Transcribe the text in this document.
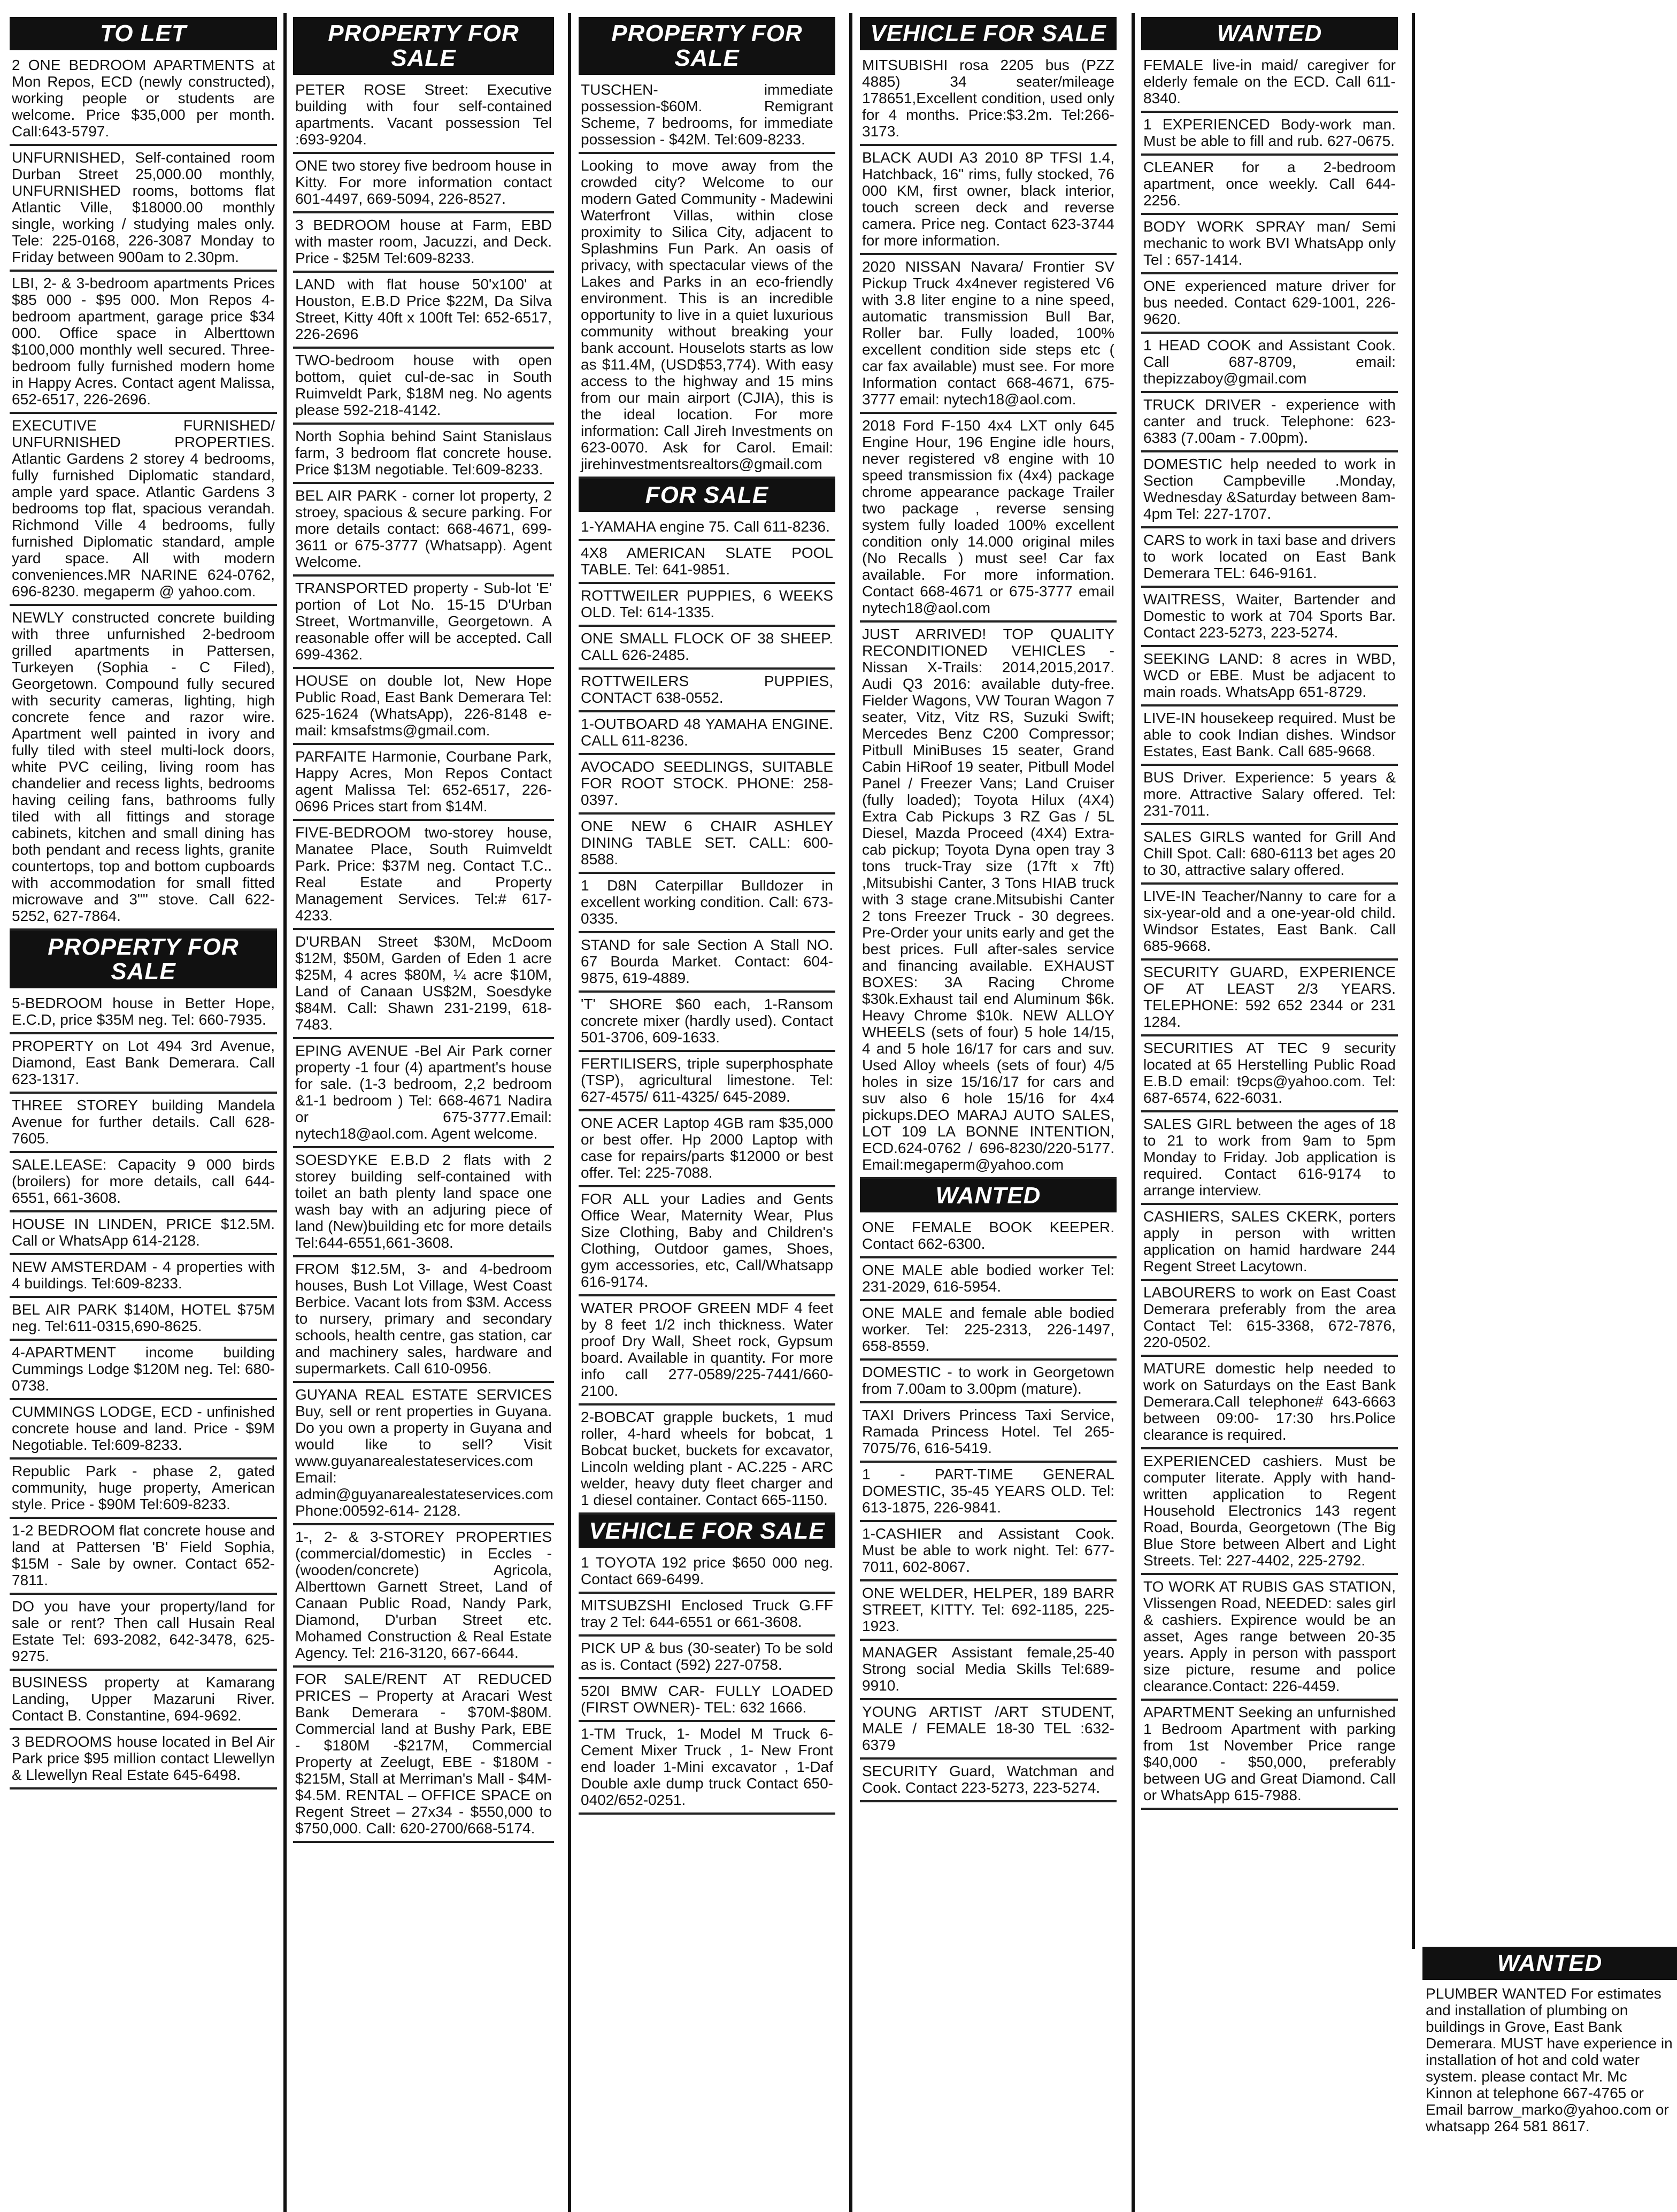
TO LET
2 ONE BEDROOM APARTMENTS at Mon Repos, ECD (newly constructed), working people or students are welcome. Price $35,000 per month. Call:643-5797.
UNFURNISHED, Self-contained room Durban Street 25,000.00 monthly, UNFURNISHED rooms, bottoms flat Atlantic Ville, $18000.00 monthly single, working / studying males only. Tele: 225-0168, 226-3087 Monday to Friday between 900am to 2.30pm.
LBI, 2- & 3-bedroom apartments Prices $85 000 - $95 000. Mon Repos 4-bedroom apartment, garage price $34 000. Office space in Alberttown $100,000 monthly well secured. Three-bedroom fully furnished modern home in Happy Acres. Contact agent Malissa, 652-6517, 226-2696.
EXECUTIVE FURNISHED/ UNFURNISHED PROPERTIES. Atlantic Gardens 2 storey 4 bedrooms, fully furnished Diplomatic standard, ample yard space. Atlantic Gardens 3 bedrooms top flat, spacious verandah. Richmond Ville 4 bedrooms, fully furnished Diplomatic standard, ample yard space. All with modern conveniences.MR NARINE 624-0762, 696-8230. megaperm @ yahoo.com.
NEWLY constructed concrete building with three unfurnished 2-bedroom grilled apartments in Pattersen, Turkeyen (Sophia - C Filed), Georgetown. Compound fully secured with security cameras, lighting, high concrete fence and razor wire. Apartment well painted in ivory and fully tiled with steel multi-lock doors, white PVC ceiling, living room has chandelier and recess lights, bedrooms having ceiling fans, bathrooms fully tiled with all fittings and storage cabinets, kitchen and small dining has both pendant and recess lights, granite countertops, top and bottom cupboards with accommodation for small fitted microwave and 3"" stove. Call 622-5252, 627-7864.
PROPERTY FOR SALE
5-BEDROOM house in Better Hope, E.C.D, price $35M neg. Tel: 660-7935.
PROPERTY on Lot 494 3rd Avenue, Diamond, East Bank Demerara. Call 623-1317.
THREE STOREY building Mandela Avenue for further details. Call 628-7605.
SALE.LEASE: Capacity 9 000 birds (broilers) for more details, call 644-6551, 661-3608.
HOUSE IN LINDEN, PRICE $12.5M. Call or WhatsApp 614-2128.
NEW AMSTERDAM - 4 properties with 4 buildings. Tel:609-8233.
BEL AIR PARK $140M, HOTEL $75M neg. Tel:611-0315,690-8625.
4-APARTMENT income building Cummings Lodge $120M neg. Tel: 680-0738.
CUMMINGS LODGE, ECD - unfinished concrete house and land. Price - $9M Negotiable. Tel:609-8233.
Republic Park - phase 2, gated community, huge property, American style. Price - $90M Tel:609-8233.
1-2 BEDROOM flat concrete house and land at Pattersen 'B' Field Sophia, $15M - Sale by owner. Contact 652-7811.
DO you have your property/land for sale or rent? Then call Husain Real Estate Tel: 693-2082, 642-3478, 625-9275.
BUSINESS property at Kamarang Landing, Upper Mazaruni River. Contact B. Constantine, 694-9692.
3 BEDROOMS house located in Bel Air Park price $95 million contact Llewellyn & Llewellyn Real Estate 645-6498.
PROPERTY FOR SALE
PETER ROSE Street: Executive building with four self-contained apartments. Vacant possession Tel :693-9204.
ONE two storey five bedroom house in Kitty. For more information contact 601-4497, 669-5094, 226-8527.
3 BEDROOM house at Farm, EBD with master room, Jacuzzi, and Deck. Price - $25M Tel:609-8233.
LAND with flat house 50'x100' at Houston, E.B.D Price $22M, Da Silva Street, Kitty 40ft x 100ft Tel: 652-6517, 226-2696
TWO-bedroom house with open bottom, quiet cul-de-sac in South Ruimveldt Park, $18M neg. No agents please 592-218-4142.
North Sophia behind Saint Stanislaus farm, 3 bedroom flat concrete house. Price $13M negotiable. Tel:609-8233.
BEL AIR PARK - corner lot property, 2 stroey, spacious & secure parking. For more details contact: 668-4671, 699-3611 or 675-3777 (Whatsapp). Agent Welcome.
TRANSPORTED property - Sub-lot 'E' portion of Lot No. 15-15 D'Urban Street, Wortmanville, Georgetown. A reasonable offer will be accepted. Call 699-4362.
HOUSE on double lot, New Hope Public Road, East Bank Demerara Tel: 625-1624 (WhatsApp), 226-8148 e-mail: kmsafstms@gmail.com.
PARFAITE Harmonie, Courbane Park, Happy Acres, Mon Repos Contact agent Malissa Tel: 652-6517, 226-0696 Prices start from $14M.
FIVE-BEDROOM two-storey house, Manatee Place, South Ruimveldt Park. Price: $37M neg. Contact T.C.. Real Estate and Property Management Services. Tel:# 617-4233.
D'URBAN Street $30M, McDoom $12M, $50M, Garden of Eden 1 acre $25M, 4 acres $80M, ¼ acre $10M, Land of Canaan US$2M, Soesdyke $84M. Call: Shawn 231-2199, 618-7483.
EPING AVENUE -Bel Air Park corner property -1 four (4) apartment's house for sale. (1-3 bedroom, 2,2 bedroom &1-1 bedroom ) Tel: 668-4671 Nadira or 675-3777.Email: nytech18@aol.com. Agent welcome.
SOESDYKE E.B.D 2 flats with 2 storey building self-contained with toilet an bath plenty land space one wash bay with an adjuring piece of land (New)building etc for more details Tel:644-6551,661-3608.
FROM $12.5M, 3- and 4-bedroom houses, Bush Lot Village, West Coast Berbice. Vacant lots from $3M. Access to nursery, primary and secondary schools, health centre, gas station, car and machinery sales, hardware and supermarkets. Call 610-0956.
GUYANA REAL ESTATE SERVICES Buy, sell or rent properties in Guyana. Do you own a property in Guyana and would like to sell? Visit www.guyanarealestateservices.com Email: admin@guyanarealestateservices.com Phone:00592-614- 2128.
1-, 2- & 3-STOREY PROPERTIES (commercial/domestic) in Eccles - (wooden/concrete) Agricola, Alberttown Garnett Street, Land of Canaan Public Road, Nandy Park, Diamond, D'urban Street etc. Mohamed Construction & Real Estate Agency. Tel: 216-3120, 667-6644.
FOR SALE/RENT AT REDUCED PRICES – Property at Aracari West Bank Demerara - $70M-$80M. Commercial land at Bushy Park, EBE - $180M -$217M, Commercial Property at Zeelugt, EBE - $180M - $215M, Stall at Merriman's Mall - $4M- $4.5M. RENTAL – OFFICE SPACE on Regent Street – 27x34 - $550,000 to $750,000. Call: 620-2700/668-5174.
PROPERTY FOR SALE
TUSCHEN- immediate possession-$60M. Remigrant Scheme, 7 bedrooms, for immediate possession - $42M. Tel:609-8233.
Looking to move away from the crowded city? Welcome to our modern Gated Community - Madewini Waterfront Villas, within close proximity to Silica City, adjacent to Splashmins Fun Park. An oasis of privacy, with spectacular views of the Lakes and Parks in an eco-friendly environment. This is an incredible opportunity to live in a quiet luxurious community without breaking your bank account. Houselots starts as low as $11.4M, (USD$53,774). With easy access to the highway and 15 mins from our main airport (CJIA), this is the ideal location. For more information: Call Jireh Investments on 623-0070. Ask for Carol. Email: jirehinvestmentsrealtors@gmail.com
FOR SALE
1-YAMAHA engine 75. Call 611-8236.
4X8 AMERICAN SLATE POOL TABLE. Tel: 641-9851.
ROTTWEILER PUPPIES, 6 WEEKS OLD. Tel: 614-1335.
ONE SMALL FLOCK OF 38 SHEEP. CALL 626-2485.
ROTTWEILERS PUPPIES, CONTACT 638-0552.
1-OUTBOARD 48 YAMAHA ENGINE. CALL 611-8236.
AVOCADO SEEDLINGS, SUITABLE FOR ROOT STOCK. PHONE: 258-0397.
ONE NEW 6 CHAIR ASHLEY DINING TABLE SET. CALL: 600-8588.
1 D8N Caterpillar Bulldozer in excellent working condition. Call: 673-0335.
STAND for sale Section A Stall NO. 67 Bourda Market. Contact: 604-9875, 619-4889.
'T' SHORE $60 each, 1-Ransom concrete mixer (hardly used). Contact 501-3706, 609-1633.
FERTILISERS, triple superphosphate (TSP), agricultural limestone. Tel: 627-4575/ 611-4325/ 645-2089.
ONE ACER Laptop 4GB ram $35,000 or best offer. Hp 2000 Laptop with case for repairs/parts $12000 or best offer. Tel: 225-7088.
FOR ALL your Ladies and Gents Office Wear, Maternity Wear, Plus Size Clothing, Baby and Children's Clothing, Outdoor games, Shoes, gym accessories, etc, Call/Whatsapp 616-9174.
WATER PROOF GREEN MDF 4 feet by 8 feet 1/2 inch thickness. Water proof Dry Wall, Sheet rock, Gypsum board. Available in quantity. For more info call 277-0589/225-7441/660-2100.
2-BOBCAT grapple buckets, 1 mud roller, 4-hard wheels for bobcat, 1 Bobcat bucket, buckets for excavator, Lincoln welding plant - AC.225 - ARC welder, heavy duty fleet charger and 1 diesel container. Contact 665-1150.
VEHICLE FOR SALE
1 TOYOTA 192 price $650 000 neg. Contact 669-6499.
MITSUBZSHI Enclosed Truck G.FF tray 2 Tel: 644-6551 or 661-3608.
PICK UP & bus (30-seater) To be sold as is. Contact (592) 227-0758.
520I BMW CAR- FULLY LOADED (FIRST OWNER)- TEL: 632 1666.
1-TM Truck, 1- Model M Truck 6-Cement Mixer Truck , 1- New Front end loader 1-Mini excavator , 1-Daf Double axle dump truck Contact 650-0402/652-0251.
VEHICLE FOR SALE
MITSUBISHI rosa 2205 bus (PZZ 4885) 34 seater/mileage 178651,Excellent condition, used only for 4 months. Price:$3.2m. Tel:266-3173.
BLACK AUDI A3 2010 8P TFSI 1.4, Hatchback, 16" rims, fully stocked, 76 000 KM, first owner, black interior, touch screen deck and reverse camera. Price neg. Contact 623-3744 for more information.
2020 NISSAN Navara/ Frontier SV Pickup Truck 4x4never registered V6 with 3.8 liter engine to a nine speed, automatic transmission Bull Bar, Roller bar. Fully loaded, 100% excellent condition side steps etc ( car fax available) must see. For more Information contact 668-4671, 675-3777 email: nytech18@aol.com.
2018 Ford F-150 4x4 LXT only 645 Engine Hour, 196 Engine idle hours, never registered v8 engine with 10 speed transmission fix (4x4) package chrome appearance package Trailer two package , reverse sensing system fully loaded 100% excellent condition only 14.000 original miles (No Recalls ) must see! Car fax available. For more information. Contact 668-4671 or 675-3777 email nytech18@aol.com
JUST ARRIVED! TOP QUALITY RECONDITIONED VEHICLES - Nissan X-Trails: 2014,2015,2017. Audi Q3 2016: available duty-free. Fielder Wagons, VW Touran Wagon 7 seater, Vitz, Vitz RS, Suzuki Swift; Mercedes Benz C200 Compressor; Pitbull MiniBuses 15 seater, Grand Cabin HiRoof 19 seater, Pitbull Model Panel / Freezer Vans; Land Cruiser (fully loaded); Toyota Hilux (4X4) Extra Cab Pickups 3 RZ Gas / 5L Diesel, Mazda Proceed (4X4) Extra-cab pickup; Toyota Dyna open tray 3 tons truck-Tray size (17ft x 7ft) ,Mitsubishi Canter, 3 Tons HIAB truck with 3 stage crane.Mitsubishi Canter 2 tons Freezer Truck - 30 degrees. Pre-Order your units early and get the best prices. Full after-sales service and financing available. EXHAUST BOXES: 3A Racing Chrome $30k.Exhaust tail end Aluminum $6k. Heavy Chrome $10k. NEW ALLOY WHEELS (sets of four) 5 hole 14/15, 4 and 5 hole 16/17 for cars and suv. Used Alloy wheels (sets of four) 4/5 holes in size 15/16/17 for cars and suv also 6 hole 15/16 for 4x4 pickups.DEO MARAJ AUTO SALES, LOT 109 LA BONNE INTENTION, ECD.624-0762 / 696-8230/220-5177. Email:megaperm@yahoo.com
WANTED
ONE FEMALE BOOK KEEPER. Contact 662-6300.
ONE MALE able bodied worker Tel: 231-2029, 616-5954.
ONE MALE and female able bodied worker. Tel: 225-2313, 226-1497, 658-8559.
DOMESTIC - to work in Georgetown from 7.00am to 3.00pm (mature).
TAXI Drivers Princess Taxi Service, Ramada Princess Hotel. Tel 265-7075/76, 616-5419.
1 - PART-TIME GENERAL DOMESTIC, 35-45 YEARS OLD. Tel: 613-1875, 226-9841.
1-CASHIER and Assistant Cook. Must be able to work night. Tel: 677-7011, 602-8067.
ONE WELDER, HELPER, 189 BARR STREET, KITTY. Tel: 692-1185, 225-1923.
MANAGER Assistant female,25-40 Strong social Media Skills Tel:689-9910.
YOUNG ARTIST /ART STUDENT, MALE / FEMALE 18-30 TEL :632-6379
SECURITY Guard, Watchman and Cook. Contact 223-5273, 223-5274.
WANTED
FEMALE live-in maid/ caregiver for elderly female on the ECD. Call 611-8340.
1 EXPERIENCED Body-work man. Must be able to fill and rub. 627-0675.
CLEANER for a 2-bedroom apartment, once weekly. Call 644-2256.
BODY WORK SPRAY man/ Semi mechanic to work BVI WhatsApp only Tel : 657-1414.
ONE experienced mature driver for bus needed. Contact 629-1001, 226-9620.
1 HEAD COOK and Assistant Cook. Call 687-8709, email: thepizzaboy@gmail.com
TRUCK DRIVER - experience with canter and truck. Telephone: 623-6383 (7.00am - 7.00pm).
DOMESTIC help needed to work in Section Campbeville .Monday, Wednesday &Saturday between 8am-4pm Tel: 227-1707.
CARS to work in taxi base and drivers to work located on East Bank Demerara TEL: 646-9161.
WAITRESS, Waiter, Bartender and Domestic to work at 704 Sports Bar. Contact 223-5273, 223-5274.
SEEKING LAND: 8 acres in WBD, WCD or EBE. Must be adjacent to main roads. WhatsApp 651-8729.
LIVE-IN housekeep required. Must be able to cook Indian dishes. Windsor Estates, East Bank. Call 685-9668.
BUS Driver. Experience: 5 years & more. Attractive Salary offered. Tel: 231-7011.
SALES GIRLS wanted for Grill And Chill Spot. Call: 680-6113 bet ages 20 to 30, attractive salary offered.
LIVE-IN Teacher/Nanny to care for a six-year-old and a one-year-old child. Windsor Estates, East Bank. Call 685-9668.
SECURITY GUARD, EXPERIENCE OF AT LEAST 2/3 YEARS. TELEPHONE: 592 652 2344 or 231 1284.
SECURITIES AT TEC 9 security located at 65 Herstelling Public Road E.B.D email: t9cps@yahoo.com. Tel: 687-6574, 622-6031.
SALES GIRL between the ages of 18 to 21 to work from 9am to 5pm Monday to Friday. Job application is required. Contact 616-9174 to arrange interview.
CASHIERS, SALES CKERK, porters apply in person with written application on hamid hardware 244 Regent Street Lacytown.
LABOURERS to work on East Coast Demerara preferably from the area Contact Tel: 615-3368, 672-7876, 220-0502.
MATURE domestic help needed to work on Saturdays on the East Bank Demerara.Call telephone# 643-6663 between 09:00- 17:30 hrs.Police clearance is required.
EXPERIENCED cashiers. Must be computer literate. Apply with hand-written application to Regent Household Electronics 143 regent Road, Bourda, Georgetown (The Big Blue Store between Albert and Light Streets. Tel: 227-4402, 225-2792.
TO WORK AT RUBIS GAS STATION, Vlissengen Road, NEEDED: sales girl & cashiers. Expirence would be an asset, Ages range between 20-35 years. Apply in person with passport size picture, resume and police clearance.Contact: 226-4459.
APARTMENT Seeking an unfurnished 1 Bedroom Apartment with parking from 1st November Price range $40,000 - $50,000, preferably between UG and Great Diamond. Call or WhatsApp 615-7988.
WANTED
PLUMBER WANTED For estimates and installation of plumbing on buildings in Grove, East Bank Demerara. MUST have experience in installation of hot and cold water system. please contact Mr. Mc Kinnon at telephone 667-4765 or Email barrow_marko@yahoo.com or whatsapp 264 581 8617.
